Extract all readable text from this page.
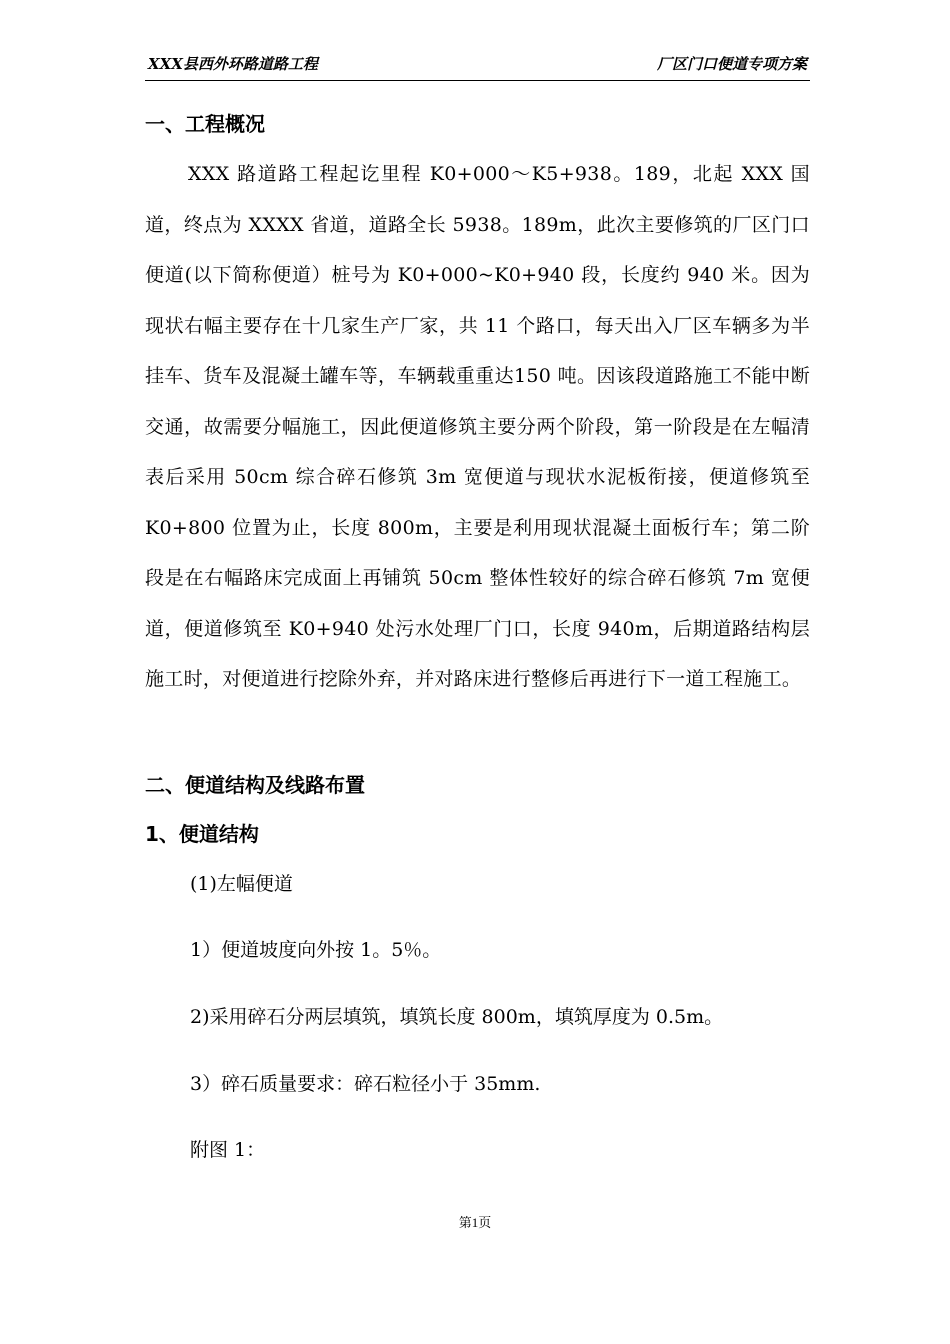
XXX县西外环路道路工程	厂区门口便道专项方案
一、工程概况
XXX 路道路工程起讫里程 K0+000～K5+938。189，北起 XXX 国道，终点为 XXXX 省道，道路全长 5938。189m，此次主要修筑的厂区门口便道(以下简称便道）桩号为 K0+000~K0+940 段，长度约 940 米。因为现状右幅主要存在十几家生产厂家，共 11 个路口，每天出入厂区车辆多为半挂车、货车及混凝土罐车等，车辆载重重达150 吨。因该段道路施工不能中断交通，故需要分幅施工，因此便道修筑主要分两个阶段，第一阶段是在左幅清表后采用 50cm 综合碎石修筑 3m 宽便道与现状水泥板衔接，便道修筑至 K0+800 位置为止，长度 800m，主要是利用现状混凝土面板行车；第二阶段是在右幅路床完成面上再铺筑 50cm 整体性较好的综合碎石修筑 7m 宽便道，便道修筑至 K0+940 处污水处理厂门口，长度 940m，后期道路结构层施工时，对便道进行挖除外弃，并对路床进行整修后再进行下一道工程施工。
二、便道结构及线路布置
1、便道结构
(1)左幅便道
1）便道坡度向外按 1。5％。
2)采用碎石分两层填筑，填筑长度 800m，填筑厚度为 0.5m。
3）碎石质量要求：碎石粒径小于 35mm.
附图 1：
第1页
